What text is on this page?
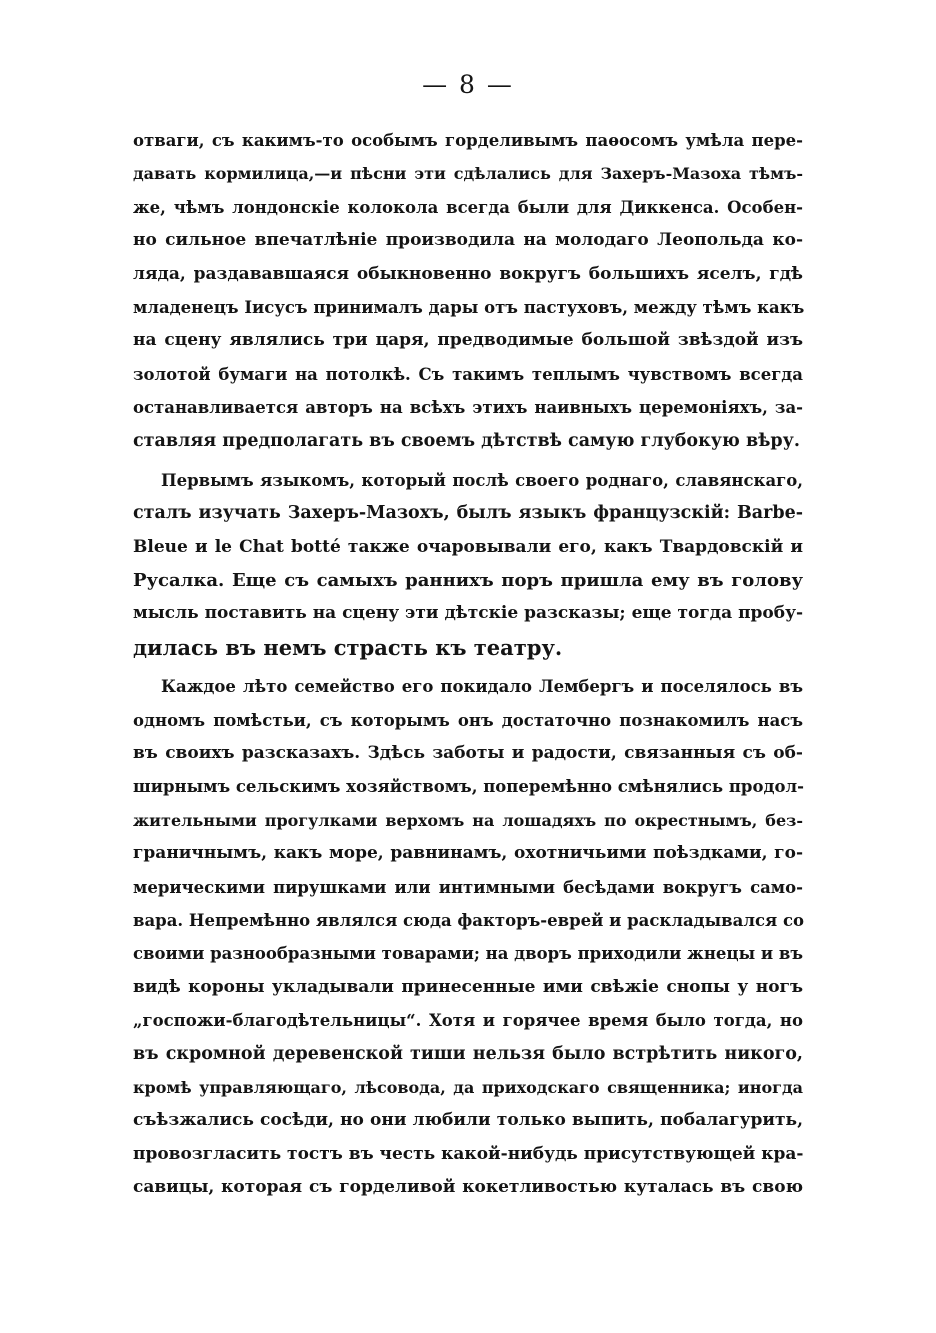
— 8 —
отваги, съ какимъ-то особымъ горделивымъ паѳосомъ умѣла пере-
давать кормилица,—и пѣсни эти сдѣлались для Захеръ-Мазоха тѣмъ-
же, чѣмъ лондонскіе колокола всегда были для Диккенса. Особен-
но сильное впечатлѣніе производила на молодаго Леопольда ко-
ляда, раздававшаяся обыкновенно вокругъ большихъ яселъ, гдѣ
младенецъ Іисусъ принималъ дары отъ пастуховъ, между тѣмъ какъ
на сцену являлись три царя, предводимые большой звѣздой изъ
золотой бумаги на потолкѣ. Съ такимъ теплымъ чувствомъ всегда
останавливается авторъ на всѣхъ этихъ наивныхъ церемоніяхъ, за-
ставляя предполагать въ своемъ дѣтствѣ самую глубокую вѣру.
Первымъ языкомъ, который послѣ своего роднаго, славянскаго,
сталъ изучать Захеръ-Мазохъ, былъ языкъ французскій: Barbe-
Bleue и le Chat botté также очаровывали его, какъ Твардовскій и
Русалка. Еще съ самыхъ раннихъ поръ пришла ему въ голову
мысль поставить на сцену эти дѣтскіе разсказы; еще тогда пробу-
дилась въ немъ страсть къ театру.
Каждое лѣто семейство его покидало Лембергъ и поселялось въ
одномъ помѣстьи, съ которымъ онъ достаточно познакомилъ насъ
въ своихъ разсказахъ. Здѣсь заботы и радости, связанныя съ об-
ширнымъ сельскимъ хозяйствомъ, поперемѣнно смѣнялись продол-
жительными прогулками верхомъ на лошадяхъ по окрестнымъ, без-
граничнымъ, какъ море, равнинамъ, охотничьими поѣздками, го-
мерическими пирушками или интимными бесѣдами вокругъ само-
вара. Непремѣнно являлся сюда факторъ-еврей и раскладывался со
своими разнообразными товарами; на дворъ приходили жнецы и въ
видѣ короны укладывали принесенные ими свѣжіе снопы у ногъ
„госпожи-благодѣтельницы“. Хотя и горячее время было тогда, но
въ скромной деревенской тиши нельзя было встрѣтить никого,
кромѣ управляющаго, лѣсовода, да приходскаго священника; иногда
съѣзжались сосѣди, но они любили только выпить, побалагурить,
провозгласить тостъ въ честь какой-нибудь присутствующей кра-
савицы, которая съ горделивой кокетливостью куталась въ свою
